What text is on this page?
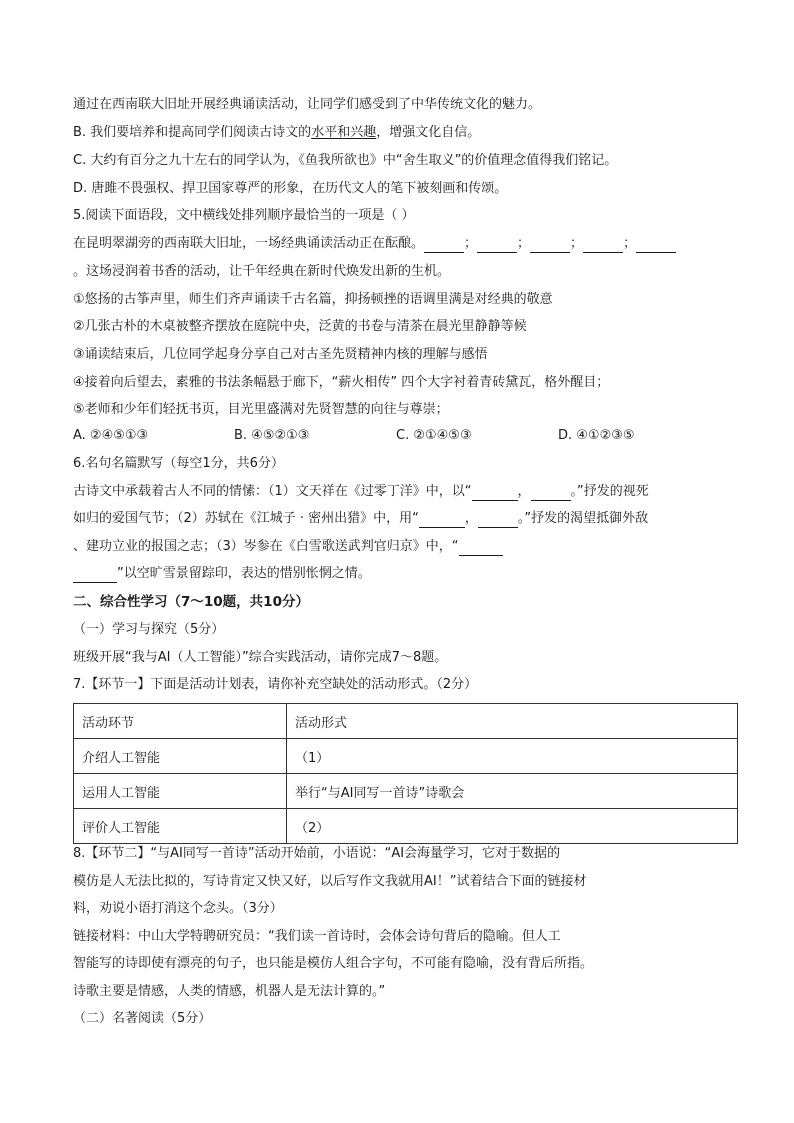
通过在西南联大旧址开展经典诵读活动，让同学们感受到了中华传统文化的魅力。
B. 我们要培养和提高同学们阅读古诗文的水平和兴趣，增强文化自信。
C. 大约有百分之九十左右的同学认为，《鱼我所欲也》中“舍生取义”的价值理念值得我们铭记。
D. 唐雎不畏强权、捍卫国家尊严的形象，在历代文人的笔下被刻画和传颂。
5.阅读下面语段，文中横线处排列顺序最恰当的一项是（ ）
在昆明翠湖旁的西南联大旧址，一场经典诵读活动正在酝酿。	；	；	；	；
。这场浸润着书香的活动，让千年经典在新时代焕发出新的生机。
①悠扬的古筝声里，师生们齐声诵读千古名篇，抑扬顿挫的语调里满是对经典的敬意
②几张古朴的木桌被整齐摆放在庭院中央，泛黄的书卷与清茶在晨光里静静等候
③诵读结束后，几位同学起身分享自己对古圣先贤精神内核的理解与感悟
④接着向后望去，素雅的书法条幅悬于廊下，“薪火相传” 四个大字衬着青砖黛瓦，格外醒目；
⑤老师和少年们轻抚书页，目光里盛满对先贤智慧的向往与尊崇；
A. ②④⑤①③	B. ④⑤②①③	C. ②①④⑤③	D. ④①②③⑤
6.名句名篇默写（每空1分，共6分）
古诗文中承载着古人不同的情愫：（1）文天祥在《过零丁洋》中，以“	，	。”抒发的视死
如归的爱国气节；（2）苏轼在《江城子 · 密州出猎》中，用“	，	。”抒发的渴望抵御外敌
、建功立业的报国之志；（3）岑参在《白雪歌送武判官归京》中，“
”以空旷雪景留踪印，表达的惜别怅惘之情。
二、综合性学习（7～10题，共10分）
（一）学习与探究（5分）
班级开展“我与AI（人工智能）”综合实践活动，请你完成7～8题。
7.【环节一】下面是活动计划表，请你补充空缺处的活动形式。（2分）
活动环节	活动形式
介绍人工智能	（1）
运用人工智能	举行“与AI同写一首诗”诗歌会
评价人工智能	（2）
8.【环节二】“与AI同写一首诗”活动开始前，小语说：“AI会海量学习，它对于数据的
模仿是人无法比拟的，写诗肯定又快又好，以后写作文我就用AI！”试着结合下面的链接材
料，劝说小语打消这个念头。（3分）
链接材料：中山大学特聘研究员：“我们读一首诗时，会体会诗句背后的隐喻。但人工
智能写的诗即使有漂亮的句子，也只能是模仿人组合字句，不可能有隐喻，没有背后所指。
诗歌主要是情感，人类的情感，机器人是无法计算的。”
（二）名著阅读（5分）
